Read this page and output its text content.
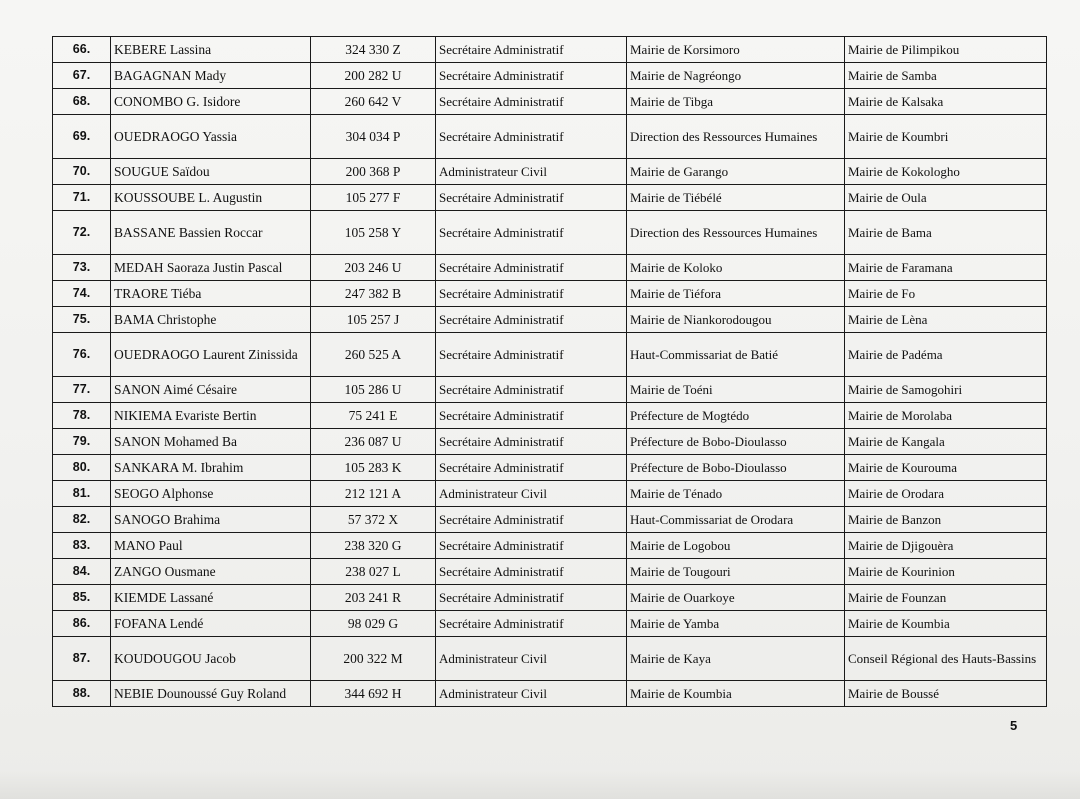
66.	KEBERE Lassina	324 330 Z	Secrétaire Administratif	Mairie de Korsimoro	Mairie de Pilimpikou
67.	BAGAGNAN Mady	200 282 U	Secrétaire Administratif	Mairie de Nagréongo	Mairie de Samba
68.	CONOMBO G. Isidore	260 642 V	Secrétaire Administratif	Mairie de Tibga	Mairie de Kalsaka
69.	OUEDRAOGO Yassia	304 034 P	Secrétaire Administratif	Direction des Ressources Humaines	Mairie de Koumbri
70.	SOUGUE Saïdou	200 368 P	Administrateur Civil	Mairie de Garango	Mairie de Kokologho
71.	KOUSSOUBE L. Augustin	105 277 F	Secrétaire Administratif	Mairie de Tiébélé	Mairie de Oula
72.	BASSANE Bassien Roccar	105 258 Y	Secrétaire Administratif	Direction des Ressources Humaines	Mairie de Bama
73.	MEDAH Saoraza Justin Pascal	203 246 U	Secrétaire Administratif	Mairie de Koloko	Mairie de Faramana
74.	TRAORE Tiéba	247 382 B	Secrétaire Administratif	Mairie de Tiéfora	Mairie de Fo
75.	BAMA Christophe	105 257 J	Secrétaire Administratif	Mairie de Niankorodougou	Mairie de Lèna
76.	OUEDRAOGO Laurent Zinissida	260 525 A	Secrétaire Administratif	Haut-Commissariat de Batié	Mairie de Padéma
77.	SANON Aimé Césaire	105 286 U	Secrétaire Administratif	Mairie de Toéni	Mairie de Samogohiri
78.	NIKIEMA Evariste Bertin	75 241 E	Secrétaire Administratif	Préfecture de Mogtédo	Mairie de Morolaba
79.	SANON Mohamed Ba	236 087 U	Secrétaire Administratif	Préfecture de Bobo-Dioulasso	Mairie de Kangala
80.	SANKARA M. Ibrahim	105 283 K	Secrétaire Administratif	Préfecture de Bobo-Dioulasso	Mairie de Kourouma
81.	SEOGO Alphonse	212 121 A	Administrateur Civil	Mairie de Ténado	Mairie de Orodara
82.	SANOGO Brahima	57 372 X	Secrétaire Administratif	Haut-Commissariat de Orodara	Mairie de Banzon
83.	MANO Paul	238 320 G	Secrétaire Administratif	Mairie de Logobou	Mairie de Djigouèra
84.	ZANGO Ousmane	238 027 L	Secrétaire Administratif	Mairie de Tougouri	Mairie de Kourinion
85.	KIEMDE Lassané	203 241 R	Secrétaire Administratif	Mairie de Ouarkoye	Mairie de Founzan
86.	FOFANA Lendé	98 029 G	Secrétaire Administratif	Mairie de Yamba	Mairie de Koumbia
87.	KOUDOUGOU Jacob	200 322 M	Administrateur Civil	Mairie de Kaya	Conseil Régional des Hauts-Bassins
88.	NEBIE Dounoussé Guy Roland	344 692 H	Administrateur Civil	Mairie de Koumbia	Mairie de Boussé
5
